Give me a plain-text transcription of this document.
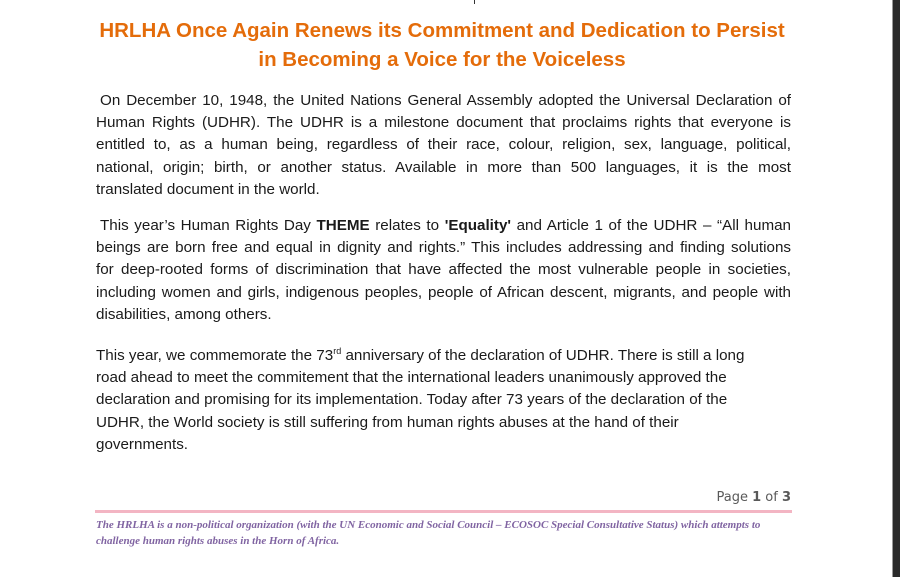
HRLHA Once Again Renews its Commitment and Dedication to Persist in Becoming a Voice for the Voiceless

On December 10, 1948, the United Nations General Assembly adopted the Universal Declaration of
Human Rights (UDHR). The UDHR is a milestone document that proclaims rights that everyone is
entitled to, as a human being, regardless of their race, colour, religion, sex, language, political,
national, origin; birth, or another status. Available in more than 500 languages, it is the most
translated document in the world.

This year’s Human Rights Day THEME relates to 'Equality' and Article 1 of the UDHR – “All human
beings are born free and equal in dignity and rights.” This includes addressing and finding solutions
for deep-rooted forms of discrimination that have affected the most vulnerable people in societies,
including women and girls, indigenous peoples, people of African descent, migrants, and people with
disabilities, among others.

This year, we commemorate the 73rd anniversary of the declaration of UDHR. There is still a long
road ahead to meet the commitement that the international leaders unanimously approved the
declaration and promising for its implementation. Today after 73 years of the declaration of the
UDHR, the World society is still suffering from human rights abuses at the hand of their
governments.

Page 1 of 3

The HRLHA is a non-political organization (with the UN Economic and Social Council – ECOSOC Special Consultative Status) which attempts to challenge human rights abuses in the Horn of Africa.
